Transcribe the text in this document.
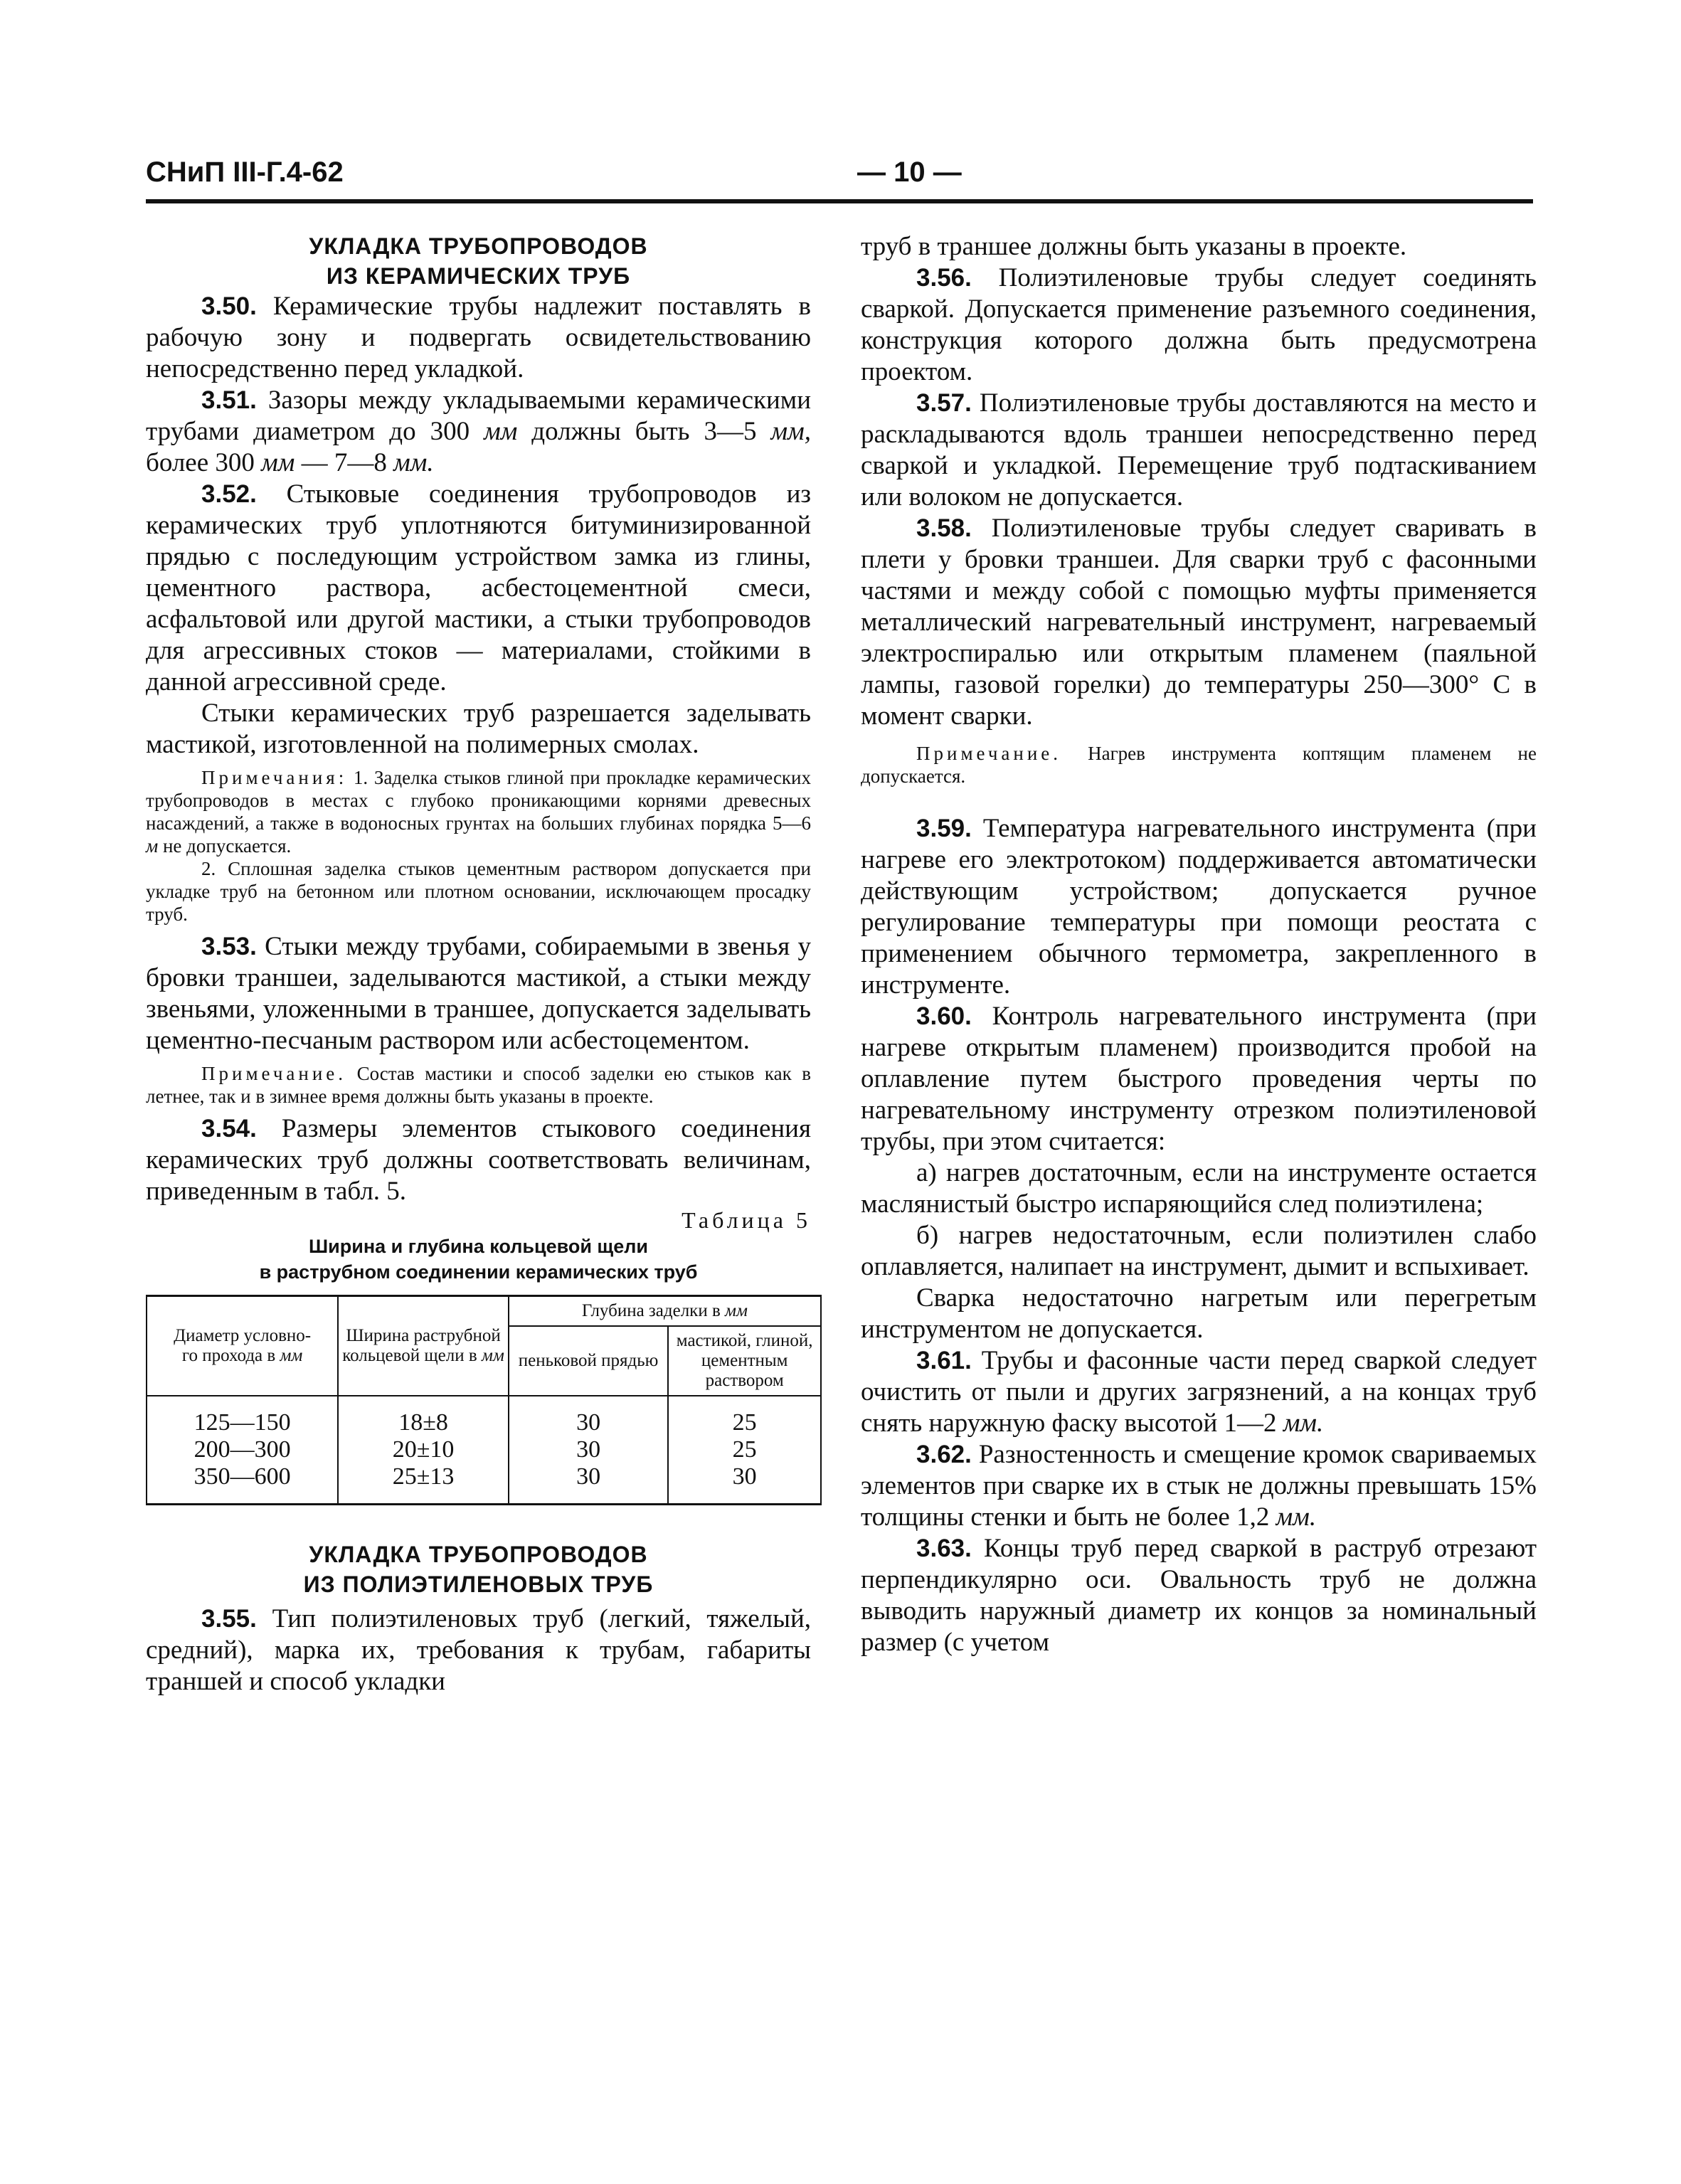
СНиП III-Г.4-62	— 10 —

УКЛАДКА ТРУБОПРОВОДОВ
ИЗ КЕРАМИЧЕСКИХ ТРУБ

3.50. Керамические трубы надлежит поставлять в рабочую зону и подвергать освидетельствованию непосредственно перед укладкой.

3.51. Зазоры между укладываемыми керамическими трубами диаметром до 300 мм должны быть 3—5 мм, более 300 мм — 7—8 мм.

3.52. Стыковые соединения трубопроводов из керамических труб уплотняются битуминизированной прядью с последующим устройством замка из глины, цементного раствора, асбестоцементной смеси, асфальтовой или другой мастики, а стыки трубопроводов для агрессивных стоков — материалами, стойкими в данной агрессивной среде.

Стыки керамических труб разрешается заделывать мастикой, изготовленной на полимерных смолах.

Примечания: 1. Заделка стыков глиной при прокладке керамических трубопроводов в местах с глубоко проникающими корнями древесных насаждений, а также в водоносных грунтах на больших глубинах порядка 5—6 м не допускается.

2. Сплошная заделка стыков цементным раствором допускается при укладке труб на бетонном или плотном основании, исключающем просадку труб.

3.53. Стыки между трубами, собираемыми в звенья у бровки траншеи, заделываются мастикой, а стыки между звеньями, уложенными в траншее, допускается заделывать цементно-песчаным раствором или асбестоцементом.

Примечание. Состав мастики и способ заделки ею стыков как в летнее, так и в зимнее время должны быть указаны в проекте.

3.54. Размеры элементов стыкового соединения керамических труб должны соответствовать величинам, приведенным в табл. 5.

Таблица 5

Ширина и глубина кольцевой щели
в раструбном соединении керамических труб

Диаметр условно-
го прохода в мм	Ширина раструбной кольцевой щели в мм	Глубина заделки в мм	
		пеньковой прядью	мастикой, глиной, цементным раствором
125—150	18±8	30	25
200—300	20±10	30	25
350—600	25±13	30	30

УКЛАДКА ТРУБОПРОВОДОВ
ИЗ ПОЛИЭТИЛЕНОВЫХ ТРУБ

3.55. Тип полиэтиленовых труб (легкий, тяжелый, средний), марка их, требования к трубам, габариты траншей и способ укладки

труб в траншее должны быть указаны в проекте.

3.56. Полиэтиленовые трубы следует соединять сваркой. Допускается применение разъемного соединения, конструкция которого должна быть предусмотрена проектом.

3.57. Полиэтиленовые трубы доставляются на место и раскладываются вдоль траншеи непосредственно перед сваркой и укладкой. Перемещение труб подтаскиванием или волоком не допускается.

3.58. Полиэтиленовые трубы следует сваривать в плети у бровки траншеи. Для сварки труб с фасонными частями и между собой с помощью муфты применяется металлический нагревательный инструмент, нагреваемый электроспиралью или открытым пламенем (паяльной лампы, газовой горелки) до температуры 250—300° С в момент сварки.

Примечание. Нагрев инструмента коптящим пламенем не допускается.

3.59. Температура нагревательного инструмента (при нагреве его электротоком) поддерживается автоматически действующим устройством; допускается ручное регулирование температуры при помощи реостата с применением обычного термометра, закрепленного в инструменте.

3.60. Контроль нагревательного инструмента (при нагреве открытым пламенем) производится пробой на оплавление путем быстрого проведения черты по нагревательному инструменту отрезком полиэтиленовой трубы, при этом считается:

а) нагрев достаточным, если на инструменте остается маслянистый быстро испаряющийся след полиэтилена;

б) нагрев недостаточным, если полиэтилен слабо оплавляется, налипает на инструмент, дымит и вспыхивает.

Сварка недостаточно нагретым или перегретым инструментом не допускается.

3.61. Трубы и фасонные части перед сваркой следует очистить от пыли и других загрязнений, а на концах труб снять наружную фаску высотой 1—2 мм.

3.62. Разностенность и смещение кромок свариваемых элементов при сварке их в стык не должны превышать 15% толщины стенки и быть не более 1,2 мм.

3.63. Концы труб перед сваркой в раструб отрезают перпендикулярно оси. Овальность труб не должна выводить наружный диаметр их концов за номинальный размер (с учетом
